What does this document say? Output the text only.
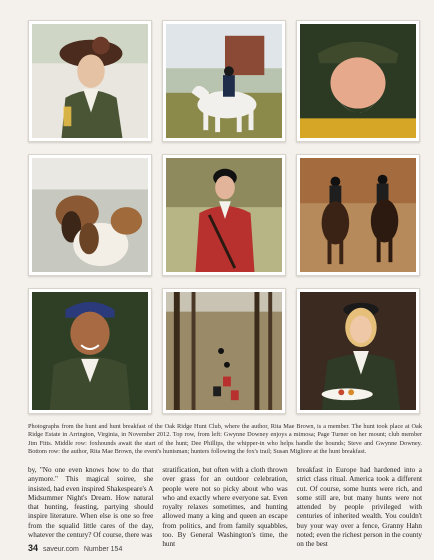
Photographs from the hunt and hunt breakfast of the Oak Ridge Hunt Club, where the author, Rita Mae Brown, is a member. The hunt took place at Oak Ridge Estate in Arrington, Virginia, in November 2012. Top row, from left: Gwynne Downey enjoys a mimosa; Page Turner on her mount; club member Jim Fitts. Middle row: foxhounds await the start of the hunt; Dee Phillips, the whipper-in who helps handle the hounds; Steve and Gwynne Downey. Bottom row: the author, Rita Mae Brown, the event's huntsman; hunters following the fox's trail; Susan Migliore at the hunt breakfast.
by, "No one even knows how to do that anymore." This magical soiree, she insisted, had even inspired Shakespeare's A Midsummer Night's Dream. How natural that hunting, feasting, partying should inspire literature. When else is one so free from the squalid little cares of the day, whatever the century? Of course, there was
stratification, but often with a cloth thrown over grass for an outdoor celebration, people were not so picky about who was who and exactly where everyone sat. Even royalty relaxes sometimes, and hunting allowed many a king and queen an escape from politics, and from family squabbles, too. By General Washington's time, the hunt
breakfast in Europe had hardened into a strict class ritual. America took a different cut. Of course, some hunts were rich, and some still are, but many hunts were not attended by people privileged with centuries of inherited wealth. You couldn't buy your way over a fence, Granny Hahn noted; even the richest person in the county on the best
34 saveur.com Number 154
